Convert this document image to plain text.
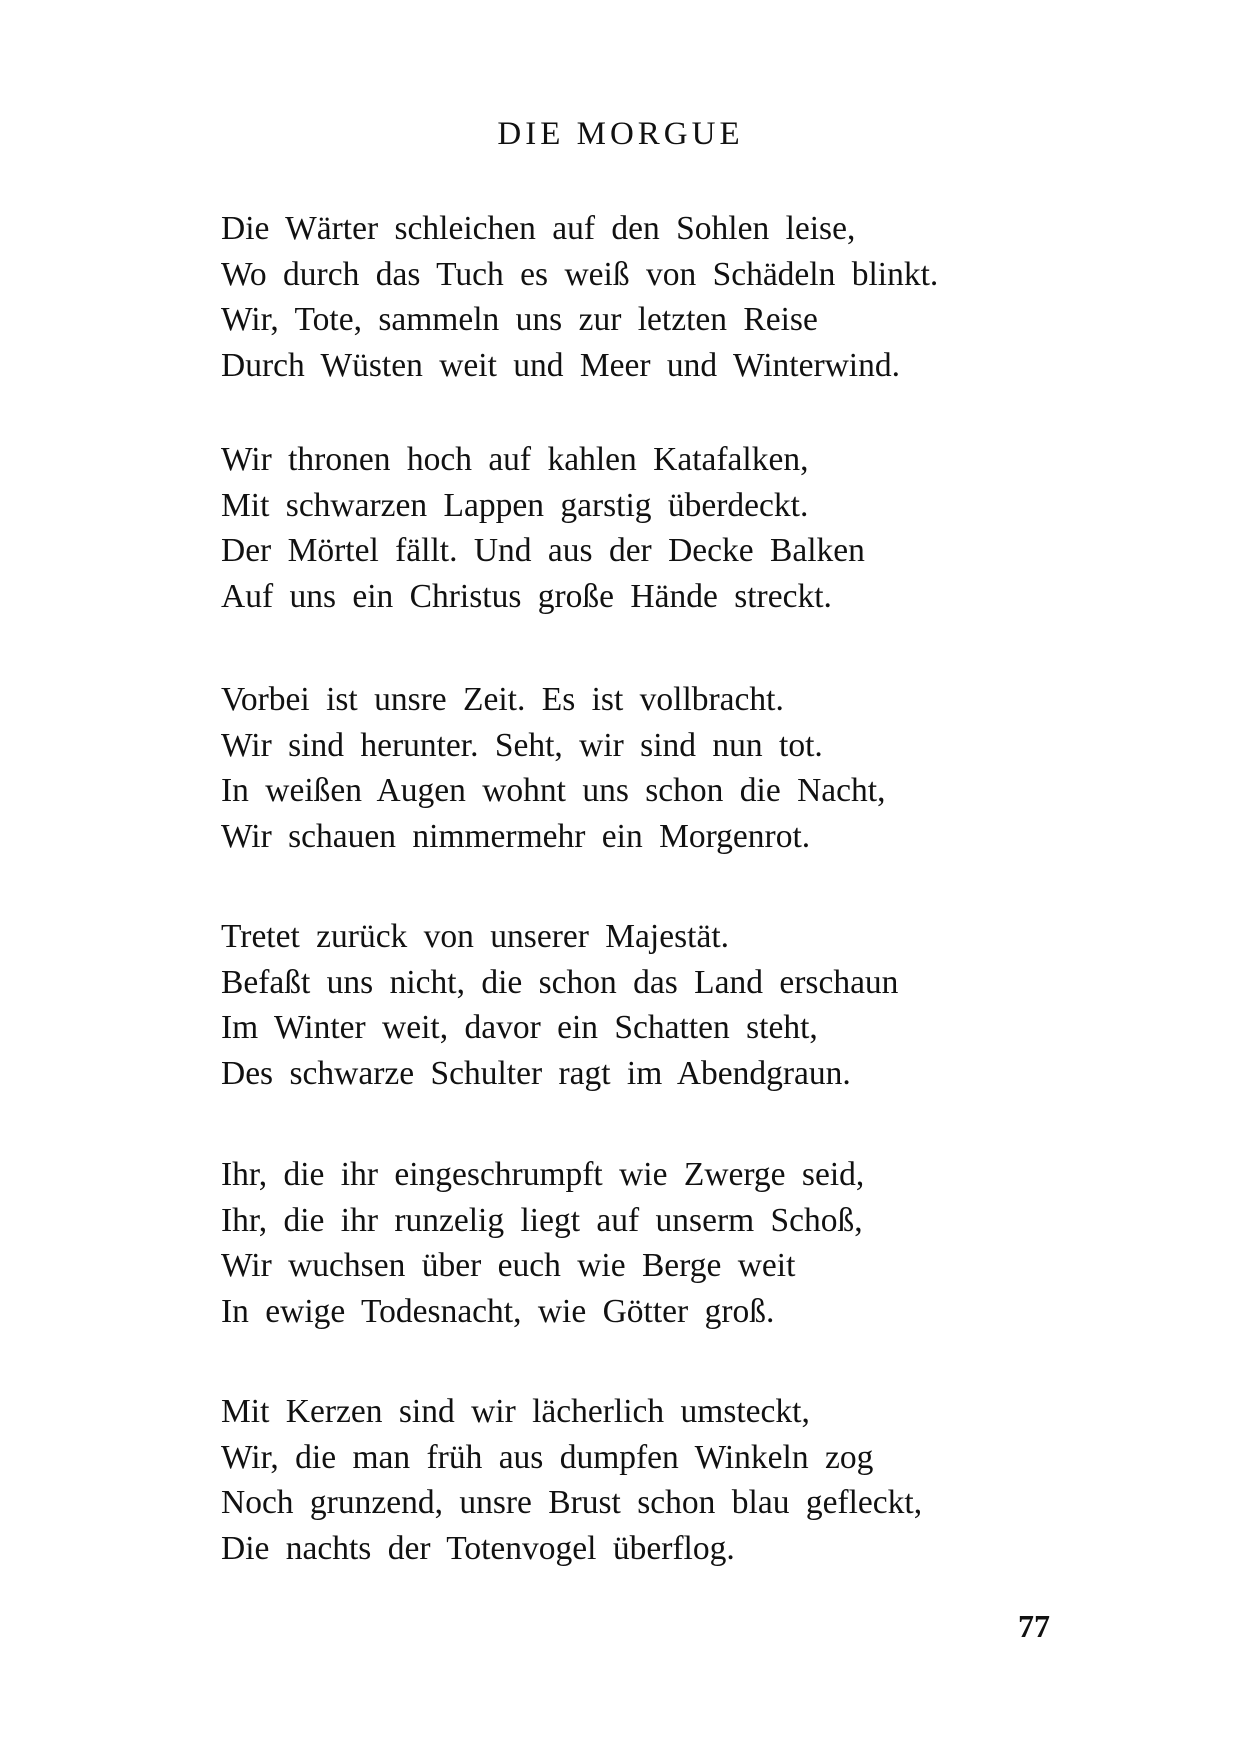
DIE MORGUE
Die Wärter schleichen auf den Sohlen leise,
Wo durch das Tuch es weiß von Schädeln blinkt.
Wir, Tote, sammeln uns zur letzten Reise
Durch Wüsten weit und Meer und Winterwind.
Wir thronen hoch auf kahlen Katafalken,
Mit schwarzen Lappen garstig überdeckt.
Der Mörtel fällt. Und aus der Decke Balken
Auf uns ein Christus große Hände streckt.
Vorbei ist unsre Zeit. Es ist vollbracht.
Wir sind herunter. Seht, wir sind nun tot.
In weißen Augen wohnt uns schon die Nacht,
Wir schauen nimmermehr ein Morgenrot.
Tretet zurück von unserer Majestät.
Befaßt uns nicht, die schon das Land erschaun
Im Winter weit, davor ein Schatten steht,
Des schwarze Schulter ragt im Abendgraun.
Ihr, die ihr eingeschrumpft wie Zwerge seid,
Ihr, die ihr runzelig liegt auf unserm Schoß,
Wir wuchsen über euch wie Berge weit
In ewige Todesnacht, wie Götter groß.
Mit Kerzen sind wir lächerlich umsteckt,
Wir, die man früh aus dumpfen Winkeln zog
Noch grunzend, unsre Brust schon blau gefleckt,
Die nachts der Totenvogel überflog.
77
